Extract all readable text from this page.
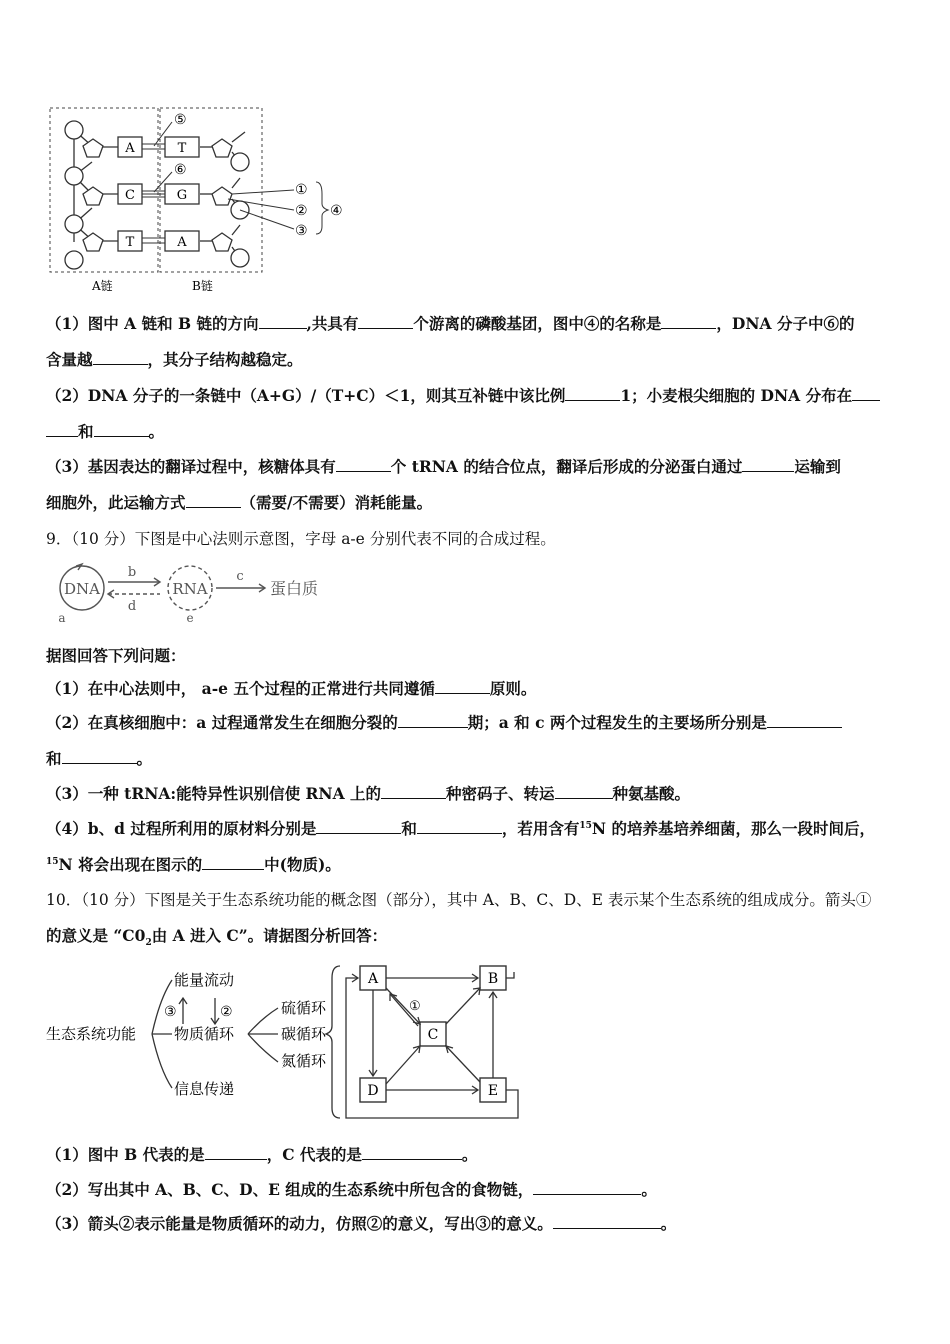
A
C
T
T
G
A
⑤
⑥
①
②
③
④
A链	B链
（1）图中 A 链和 B 链的方向	,共具有	个游离的磷酸基团，图中④的名称是	，DNA 分子中⑥的
含量越	，其分子结构越稳定。
（2）DNA 分子的一条链中（A+G）/（T+C）＜1，则其互补链中该比例	1；小麦根尖细胞的 DNA 分布在
和	。
（3）基因表达的翻译过程中，核糖体具有	个 tRNA 的结合位点，翻译后形成的分泌蛋白通过	运输到
细胞外，此运输方式	（需要/不需要）消耗能量。
9．（10 分）下图是中心法则示意图，字母 a-e 分别代表不同的合成过程。
DNA	RNA	蛋白质
b
d
c
a	e
据图回答下列问题：
（1）在中心法则中， a-e 五个过程的正常进行共同遵循	原则。
（2）在真核细胞中：a 过程通常发生在细胞分裂的	期；a 和 c 两个过程发生的主要场所分别是
和	。
（3）一种 tRNA:能特异性识别信使 RNA 上的	种密码子、转运	种氨基酸。
（4）b、d 过程所利用的原材料分别是	和	，若用含有$^{15}$N 的培养基培养细菌，那么一段时间后，
$^{15}$N 将会出现在图示的	中(物质)。
10．（10 分）下图是关于生态系统功能的概念图（部分），其中 A、B、C、D、E 表示某个生态系统的组成成分。箭头①
的意义是 “$C0_2$由 A 进入 C”。请据图分析回答：
生态系统功能
能量流动
③	②
物质循环
信息传递
硫循环
碳循环
氮循环
A	B
C
D	E
①
（1）图中 B 代表的是	，C 代表的是	。
（2）写出其中 A、B、C、D、E 组成的生态系统中所包含的食物链，	。
（3）箭头②表示能量是物质循环的动力，仿照②的意义，写出③的意义。	。
